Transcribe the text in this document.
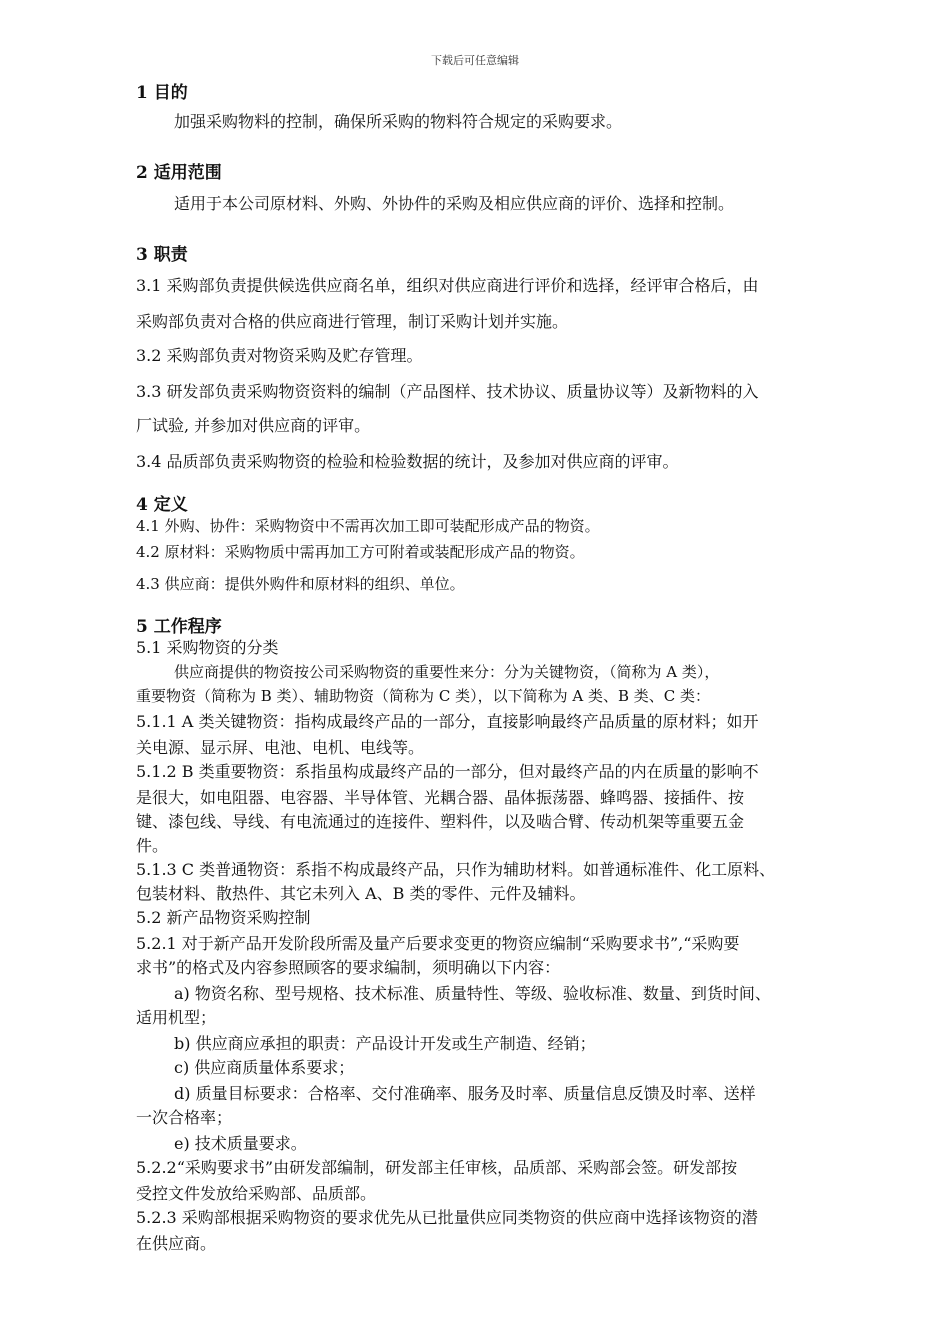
下载后可任意编辑
1 目的
加强采购物料的控制，确保所采购的物料符合规定的采购要求。
2 适用范围
适用于本公司原材料、外购、外协件的采购及相应供应商的评价、选择和控制。
3 职责
3.1 采购部负责提供候选供应商名单，组织对供应商进行评价和选择，经评审合格后，由
采购部负责对合格的供应商进行管理，制订采购计划并实施。
3.2 采购部负责对物资采购及贮存管理。
3.3 研发部负责采购物资资料的编制（产品图样、技术协议、质量协议等）及新物料的入
厂试验, 并参加对供应商的评审。
3.4 品质部负责采购物资的检验和检验数据的统计，及参加对供应商的评审。
4 定义
4.1 外购、协件：采购物资中不需再次加工即可装配形成产品的物资。
4.2 原材料：采购物质中需再加工方可附着或装配形成产品的物资。
4.3 供应商：提供外购件和原材料的组织、单位。
5 工作程序
5.1 采购物资的分类
供应商提供的物资按公司采购物资的重要性来分：分为关键物资，（简称为 A 类），
重要物资（简称为 B 类）、辅助物资（简称为 C 类），以下简称为 A 类、B 类、C 类：
5.1.1 A 类关键物资：指构成最终产品的一部分，直接影响最终产品质量的原材料；如开
关电源、显示屏、电池、电机、电线等。
5.1.2 B 类重要物资：系指虽构成最终产品的一部分，但对最终产品的内在质量的影响不
是很大，如电阻器、电容器、半导体管、光耦合器、晶体振荡器、蜂鸣器、接插件、按
键、漆包线、导线、有电流通过的连接件、塑料件，以及啮合臂、传动机架等重要五金
件。
5.1.3 C 类普通物资：系指不构成最终产品，只作为辅助材料。如普通标准件、化工原料、
包装材料、散热件、其它未列入 A、B 类的零件、元件及辅料。
5.2 新产品物资采购控制
5.2.1 对于新产品开发阶段所需及量产后要求变更的物资应编制“采购要求书”,“采购要
求书”的格式及内容参照顾客的要求编制，须明确以下内容：
a) 物资名称、型号规格、技术标准、质量特性、等级、验收标准、数量、到货时间、
适用机型；
b) 供应商应承担的职责：产品设计开发或生产制造、经销；
c) 供应商质量体系要求；
d) 质量目标要求：合格率、交付准确率、服务及时率、质量信息反馈及时率、送样
一次合格率；
e) 技术质量要求。
5.2.2“采购要求书”由研发部编制，研发部主任审核，品质部、采购部会签。研发部按
受控文件发放给采购部、品质部。
5.2.3 采购部根据采购物资的要求优先从已批量供应同类物资的供应商中选择该物资的潜
在供应商。
